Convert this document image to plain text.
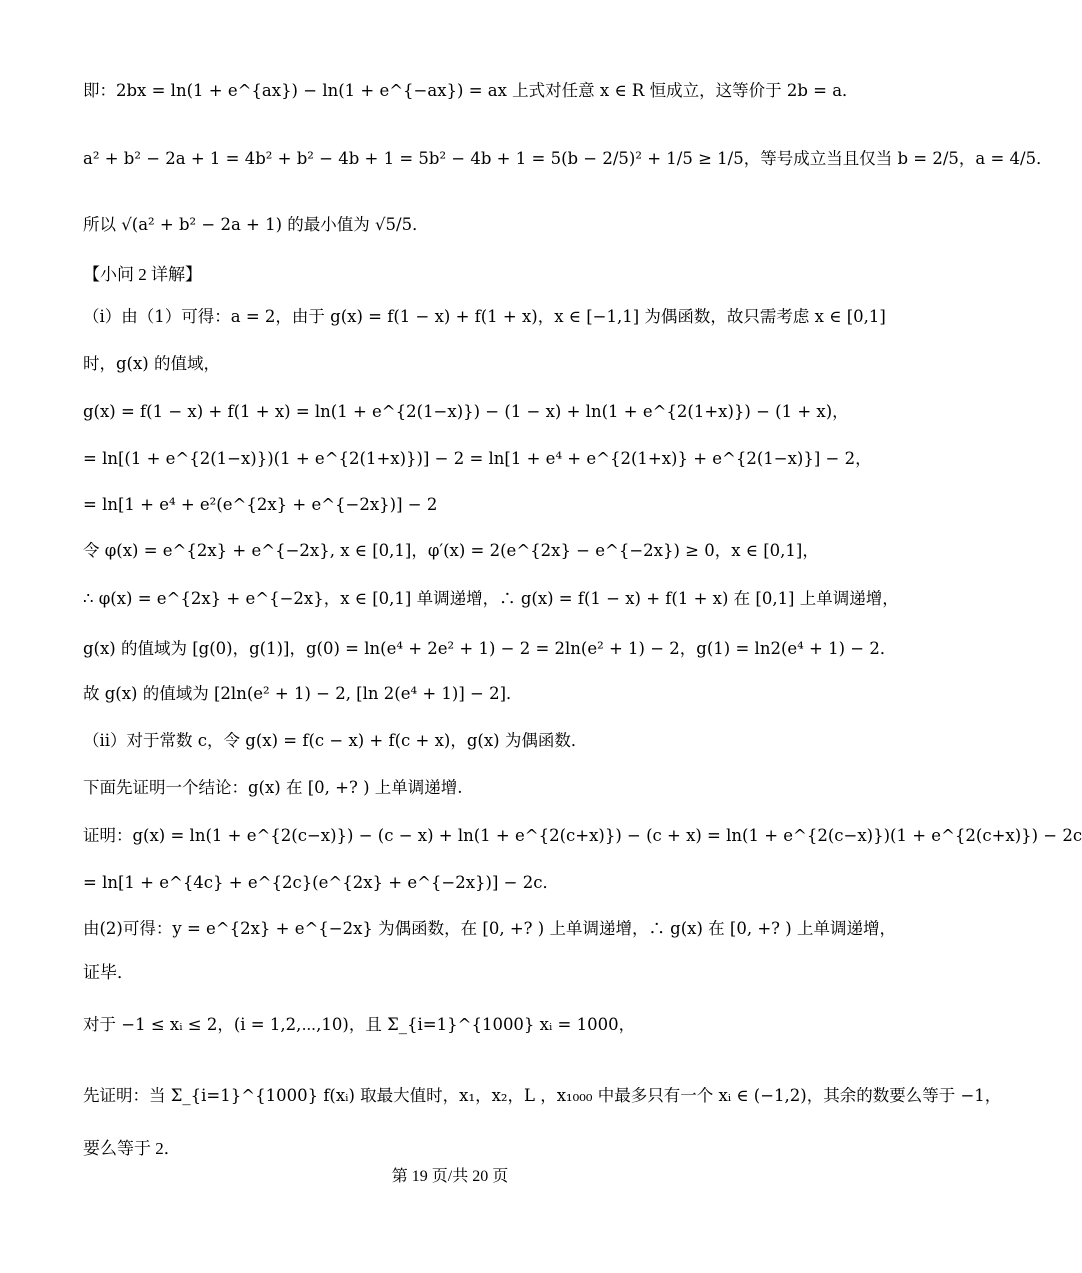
即：2bx = ln(1 + e^{ax}) − ln(1 + e^{−ax}) = ax 上式对任意 x ∈ R 恒成立，这等价于 2b = a．
a² + b² − 2a + 1 = 4b² + b² − 4b + 1 = 5b² − 4b + 1 = 5(b − 2/5)² + 1/5 ≥ 1/5，等号成立当且仅当 b = 2/5，a = 4/5．
所以 √(a² + b² − 2a + 1) 的最小值为 √5/5．
【小问 2 详解】
（ⅰ）由（1）可得：a = 2，由于 g(x) = f(1 − x) + f(1 + x)，x ∈ [−1,1] 为偶函数，故只需考虑 x ∈ [0,1]
时，g(x) 的值域，
g(x) = f(1 − x) + f(1 + x) = ln(1 + e^{2(1−x)}) − (1 − x) + ln(1 + e^{2(1+x)}) − (1 + x)，
= ln[(1 + e^{2(1−x)})(1 + e^{2(1+x)})] − 2 = ln[1 + e⁴ + e^{2(1+x)} + e^{2(1−x)}] − 2，
= ln[1 + e⁴ + e²(e^{2x} + e^{−2x})] − 2
令 φ(x) = e^{2x} + e^{−2x}, x ∈ [0,1]，φ′(x) = 2(e^{2x} − e^{−2x}) ≥ 0，x ∈ [0,1]，
∴ φ(x) = e^{2x} + e^{−2x}，x ∈ [0,1] 单调递增，∴ g(x) = f(1 − x) + f(1 + x) 在 [0,1] 上单调递增，
g(x) 的值域为 [g(0)，g(1)]，g(0) = ln(e⁴ + 2e² + 1) − 2 = 2ln(e² + 1) − 2，g(1) = ln2(e⁴ + 1) − 2．
故 g(x) 的值域为 [2ln(e² + 1) − 2, [ln 2(e⁴ + 1)] − 2]．
（ⅱ）对于常数 c，令 g(x) = f(c − x) + f(c + x)，g(x) 为偶函数．
下面先证明一个结论：g(x) 在 [0, +? ) 上单调递增.
证明：g(x) = ln(1 + e^{2(c−x)}) − (c − x) + ln(1 + e^{2(c+x)}) − (c + x) = ln(1 + e^{2(c−x)})(1 + e^{2(c+x)}) − 2c
= ln[1 + e^{4c} + e^{2c}(e^{2x} + e^{−2x})] − 2c．
由(2)可得：y = e^{2x} + e^{−2x} 为偶函数，在 [0, +? ) 上单调递增，∴ g(x) 在 [0, +? ) 上单调递增，
证毕．
对于 −1 ≤ xᵢ ≤ 2，(i = 1,2,⋯,10)，且 Σ_{i=1}^{1000} xᵢ = 1000，
先证明：当 Σ_{i=1}^{1000} f(xᵢ) 取最大值时，x₁，x₂，L ，x₁₀₀₀ 中最多只有一个 xᵢ ∈ (−1,2)，其余的数要么等于 −1，
要么等于 2．
第 19 页/共 20 页
